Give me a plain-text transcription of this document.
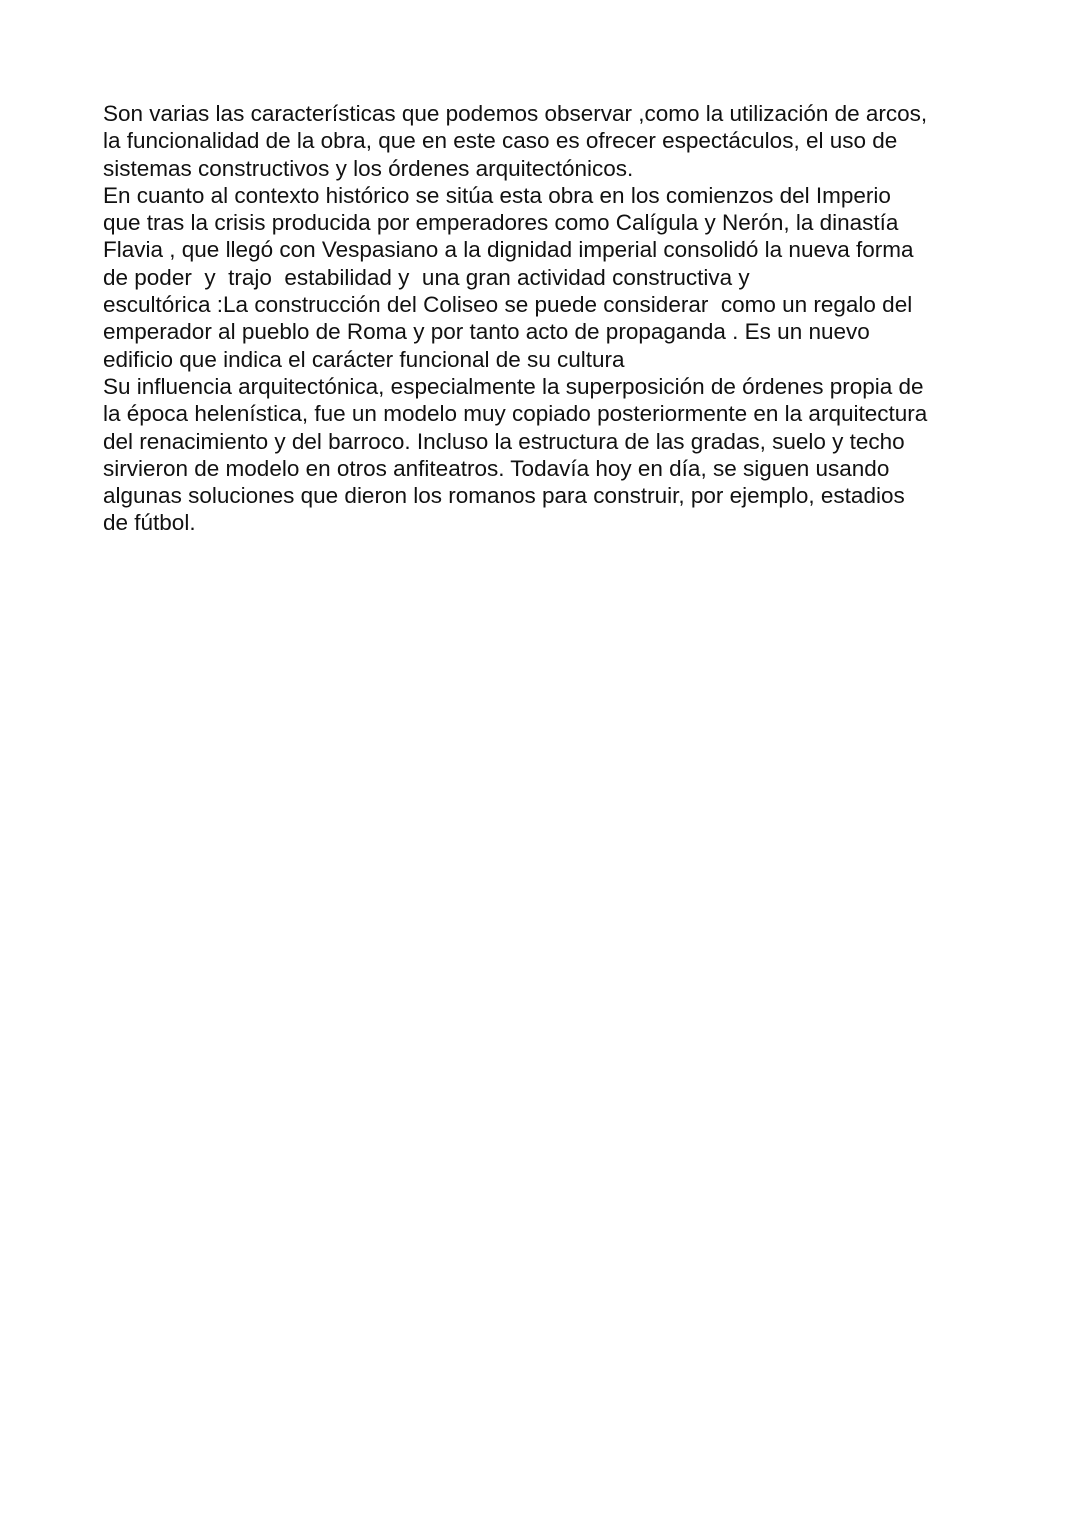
Son varias las características que podemos observar ,como la utilización de arcos,
la funcionalidad de la obra, que en este caso es ofrecer espectáculos, el uso de
sistemas constructivos y los órdenes arquitectónicos.
En cuanto al contexto histórico se sitúa esta obra en los comienzos del Imperio
que tras la crisis producida por emperadores como Calígula y Nerón, la dinastía
Flavia , que llegó con Vespasiano a la dignidad imperial consolidó la nueva forma
de poder  y  trajo  estabilidad y  una gran actividad constructiva y
escultórica :La construcción del Coliseo se puede considerar  como un regalo del
emperador al pueblo de Roma y por tanto acto de propaganda . Es un nuevo
edificio que indica el carácter funcional de su cultura
Su influencia arquitectónica, especialmente la superposición de órdenes propia de
la época helenística, fue un modelo muy copiado posteriormente en la arquitectura
del renacimiento y del barroco. Incluso la estructura de las gradas, suelo y techo
sirvieron de modelo en otros anfiteatros. Todavía hoy en día, se siguen usando
algunas soluciones que dieron los romanos para construir, por ejemplo, estadios
de fútbol.
